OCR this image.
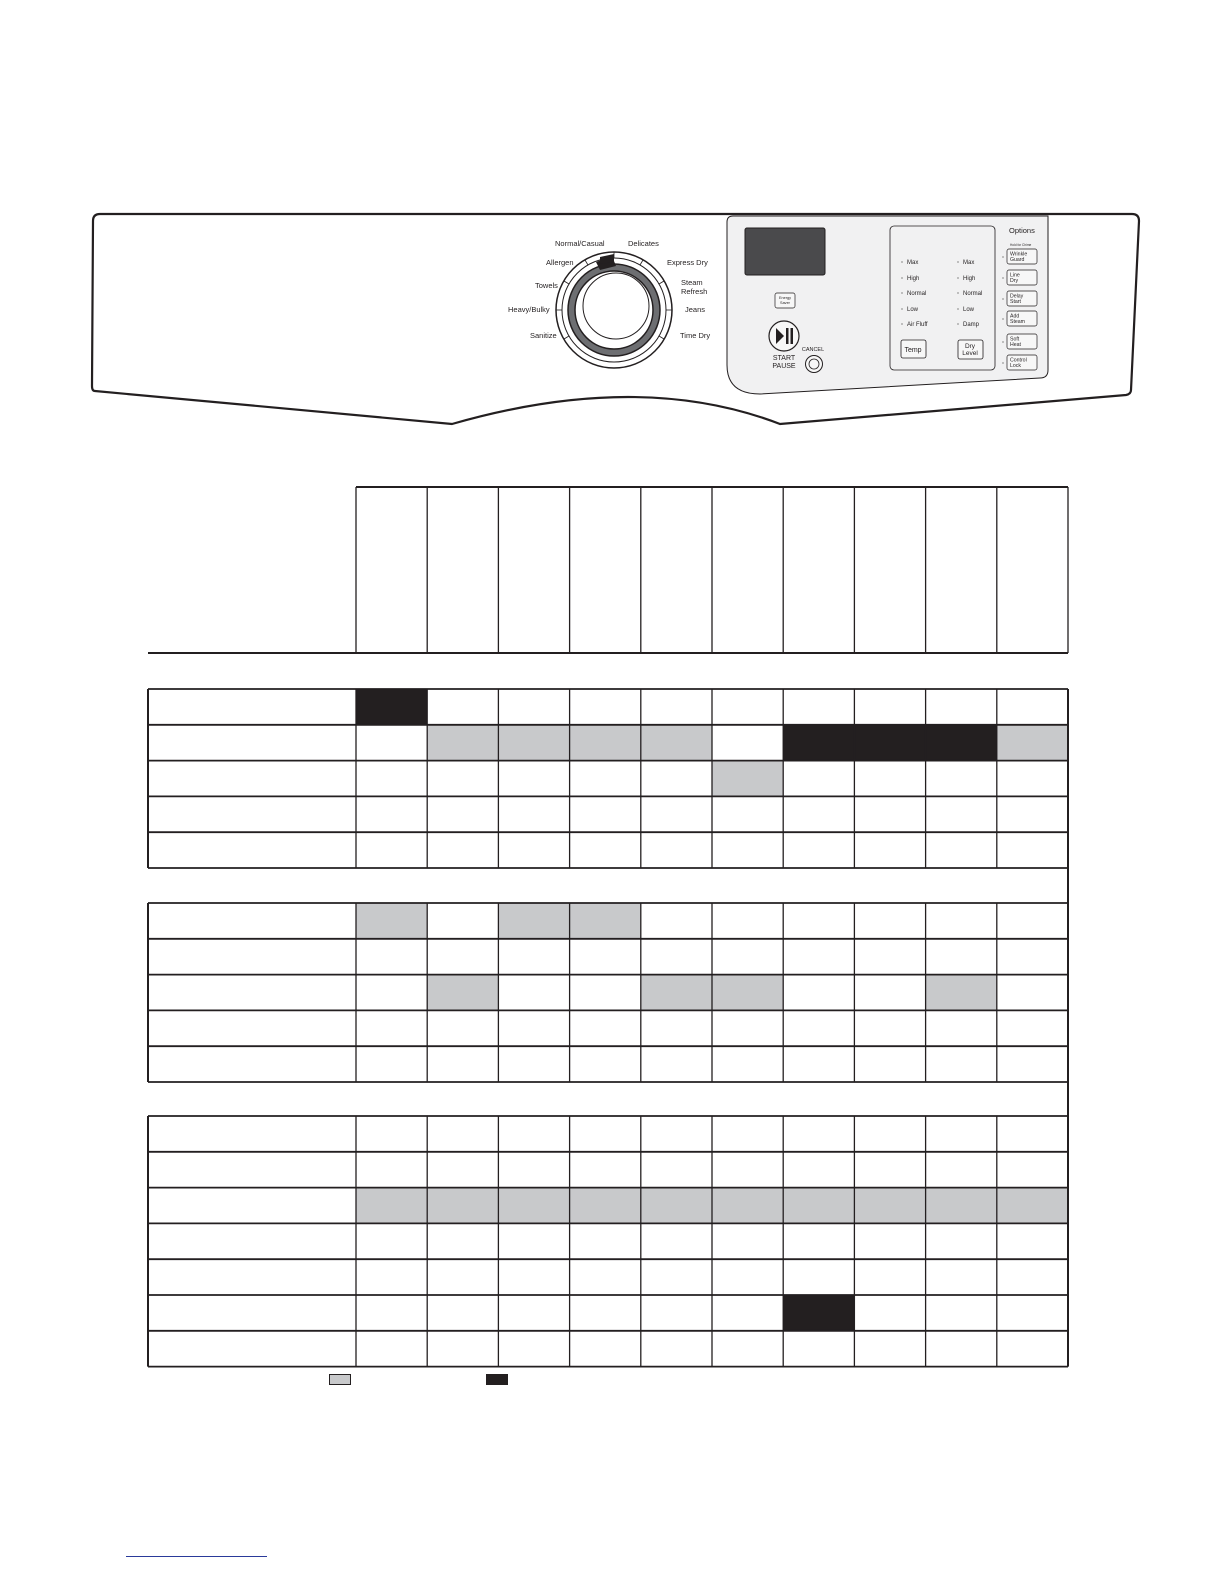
Normal/Casual
Allergen
Towels
Heavy/Bulky
Sanitize
Delicates
Express Dry
Steam
Refresh
Jeans
Time Dry
Energy
Saver
START
PAUSE
CANCEL
Max
High
Normal
Low
Air Fluff
Max
High
Normal
Low
Damp
Temp
Dry
Level
Options
Hold for Chime
Wrinkle
Guard
Line
Dry
Delay
Start
Add
Steam
Soft
Heat
Control
Lock
